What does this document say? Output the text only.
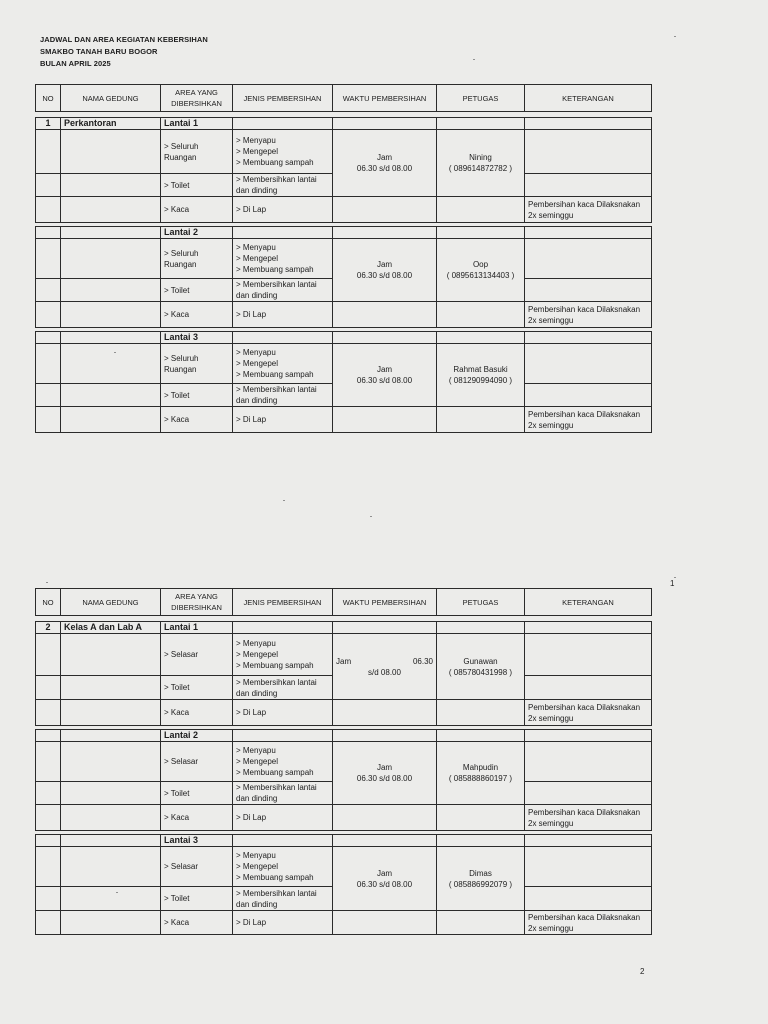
JADWAL DAN AREA KEGIATAN KEBERSIHAN
SMAKBO TANAH BARU BOGOR
BULAN APRIL 2025
NO	NAMA GEDUNG	AREA YANG DIBERSIHKAN	JENIS PEMBERSIHAN	WAKTU PEMBERSIHAN	PETUGAS	KETERANGAN

1	Perkantoran	Lantai 1				
		> Seluruh Ruangan	> Menyapu
> Mengepel
> Membuang sampah	Jam
06.30 s/d 08.00	Nining
( 089614872782 )	

		> Toilet	> Membersihkan lantai dan dinding			
		> Kaca	> Di Lap			Pembersihan kaca Dilaksnakan 2x seminggu

		Lantai 2				
		> Seluruh Ruangan	> Menyapu
> Mengepel
> Membuang sampah	Jam
06.30 s/d 08.00	Oop
( 0895613134403 )	

		> Toilet	> Membersihkan lantai dan dinding			
		> Kaca	> Di Lap			Pembersihan kaca Dilaksnakan 2x seminggu

		Lantai 3				
		> Seluruh Ruangan	> Menyapu
> Mengepel
> Membuang sampah	Jam
06.30 s/d 08.00	Rahmat Basuki
( 081290994090 )	

		> Toilet	> Membersihkan lantai dan dinding			
		> Kaca	> Di Lap			Pembersihan kaca Dilaksnakan 2x seminggu
1
NO	NAMA GEDUNG	AREA YANG DIBERSIHKAN	JENIS PEMBERSIHAN	WAKTU PEMBERSIHAN	PETUGAS	KETERANGAN

2	Kelas A dan Lab A	Lantai 1				
		> Selasar	> Menyapu
> Mengepel
> Membuang sampah	Jam 06.30
s/d 08.00	Gunawan
( 085780431998 )	

		> Toilet	> Membersihkan lantai dan dinding			
		> Kaca	> Di Lap			Pembersihan kaca Dilaksnakan 2x seminggu

		Lantai 2				
		> Selasar	> Menyapu
> Mengepel
> Membuang sampah	Jam
06.30 s/d 08.00	Mahpudin
( 085888860197 )	

		> Toilet	> Membersihkan lantai dan dinding			
		> Kaca	> Di Lap			Pembersihan kaca Dilaksnakan 2x seminggu

		Lantai 3				
		> Selasar	> Menyapu
> Mengepel
> Membuang sampah	Jam
06.30 s/d 08.00	Dimas
( 085886992079 )	

		> Toilet	> Membersihkan lantai dan dinding			
		> Kaca	> Di Lap			Pembersihan kaca Dilaksnakan 2x seminggu
2
